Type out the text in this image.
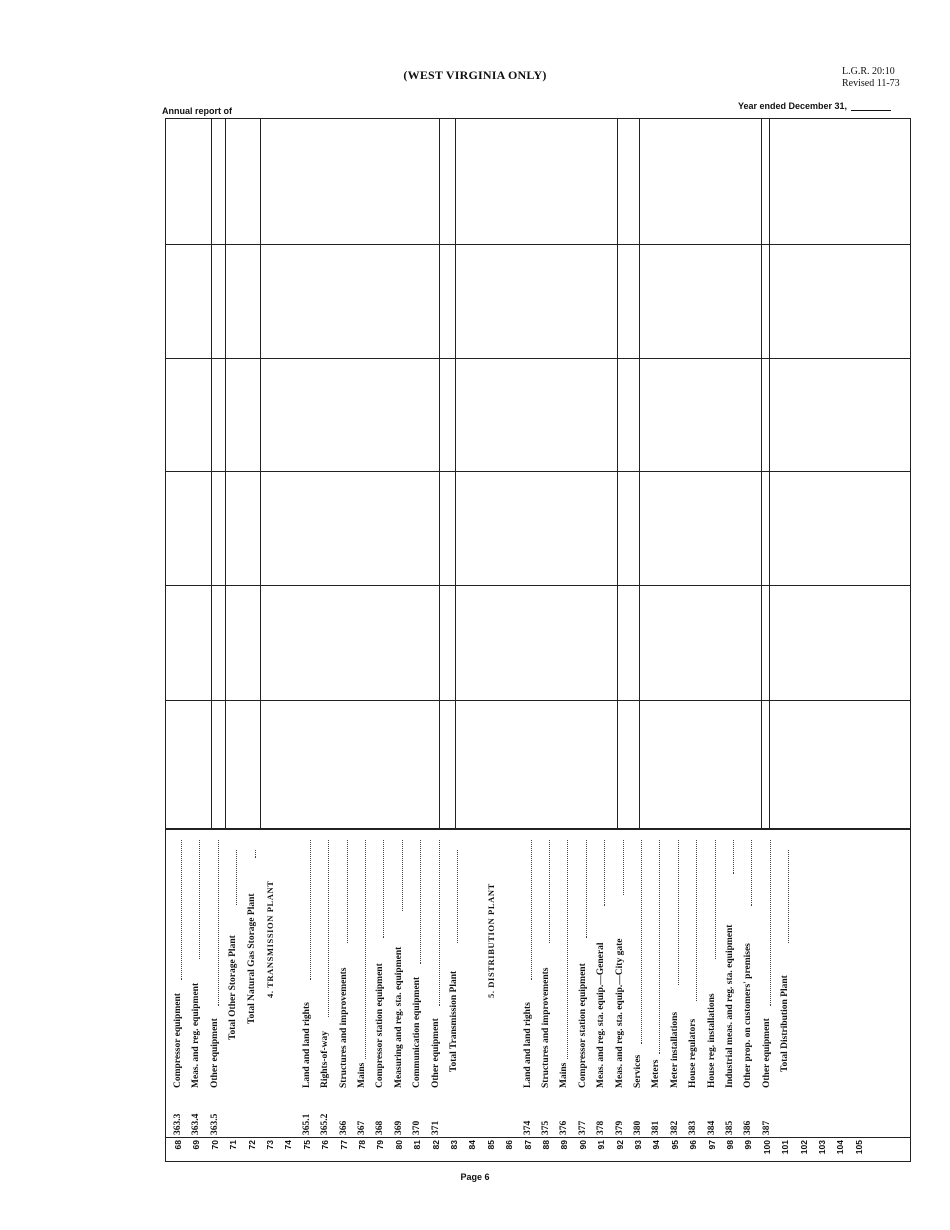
(WEST VIRGINIA ONLY)	L.G.R. 20:10
Revised 11-73
Annual report of	Year ended December 31,
68
363.3
Compressor equipment
69
363.4
Meas. and reg. equipment
70
363.5
Other equipment
71
Total Other Storage Plant
72
Total Natural Gas Storage Plant
73
4. TRANSMISSION PLANT
74 75
365.1
Land and land rights
76
365.2
Rights-of-way
77
366
Structures and improvements
78
367
Mains
79
368
Compressor station equipment
80
369
Measuring and reg. sta. equipment
81
370
Communication equipment
82
371
Other equipment
83
Total Transmission Plant
84 85
5. DISTRIBUTION PLANT
86 87
374
Land and land rights
88
375
Structures and improvements
89
376
Mains
90
377
Compressor station equipment
91
378
Meas. and reg. sta. equip.—General
92
379
Meas. and reg. sta. equip.—City gate
93
380
Services
94
381
Meters
95
382
Meter installations
96
383
House regulators
97
384
House reg. installations
98
385
Industrial meas. and reg. sta. equipment
99
386
Other prop. on customers' premises
100
387
Other equipment
101
Total Distribution Plant
102 103 104 105
Page 6
